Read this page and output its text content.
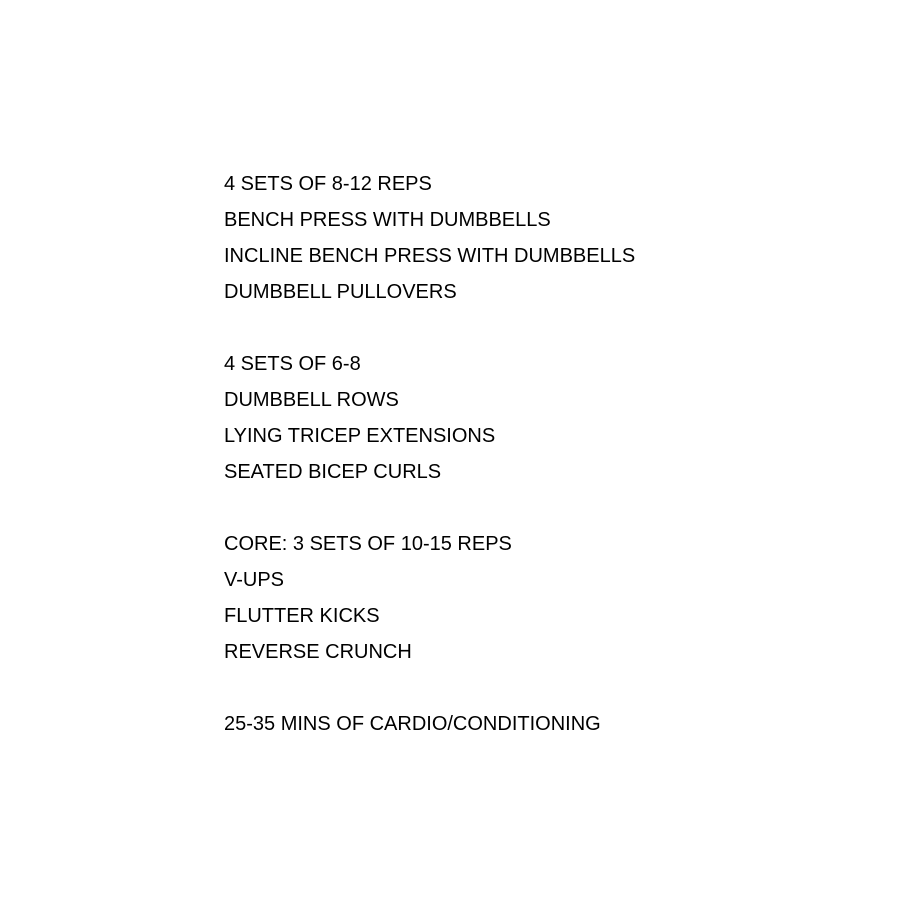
4 SETS OF 8-12 REPS
BENCH PRESS WITH DUMBBELLS
INCLINE BENCH PRESS WITH DUMBBELLS
DUMBBELL PULLOVERS
4 SETS OF 6-8
DUMBBELL ROWS
LYING TRICEP EXTENSIONS
SEATED BICEP CURLS
CORE: 3 SETS OF 10-15 REPS
V-UPS
FLUTTER KICKS
REVERSE CRUNCH
25-35 MINS OF CARDIO/CONDITIONING
